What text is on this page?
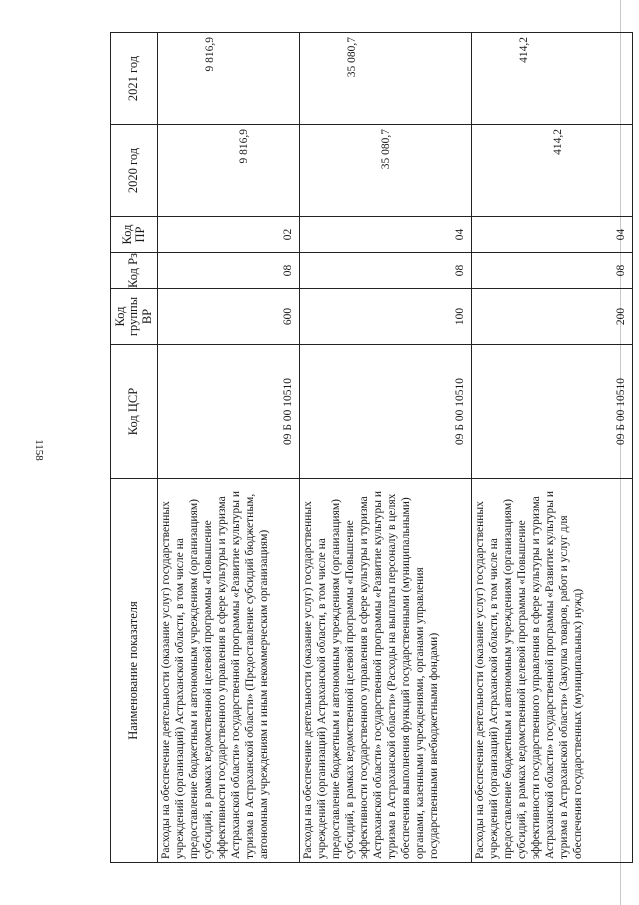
1158
Наименование показателя	Код ЦСР	Код группы ВР	Код Рз	Код ПР	2020 год	2021 год
Расходы на обеспечение деятельности (оказание услуг) государственных учреждений (организаций) Астраханской области, в том числе на предоставление бюджетным и автономным учреждениям (организациям) субсидий, в рамках ведомственной целевой программы «Повышение эффективности государственного управления в сфере культуры и туризма Астраханской области» государственной программы «Развитие культуры и туризма в Астраханской области» (Предоставление субсидий бюджетным, автономным учреждениям и иным некоммерческим организациям)	09 Б 00 10510	600	08	02	9 816,9	9 816,9
Расходы на обеспечение деятельности (оказание услуг) государственных учреждений (организаций) Астраханской области, в том числе на предоставление бюджетным и автономным учреждениям (организациям) субсидий, в рамках ведомственной целевой программы «Повышение эффективности государственного управления в сфере культуры и туризма Астраханской области» государственной программы «Развитие культуры и туризма в Астраханской области» (Расходы на выплаты персоналу в целях обеспечения выполнения функций государственными (муниципальными) органами, казенными учреждениями, органами управления государственными внебюджетными фондами)	09 Б 00 10510	100	08	04	35 080,7	35 080,7
Расходы на обеспечение деятельности (оказание услуг) государственных учреждений (организаций) Астраханской области, в том числе на предоставление бюджетным и автономным учреждениям (организациям) субсидий, в рамках ведомственной целевой программы «Повышение эффективности государственного управления в сфере культуры и туризма Астраханской области» государственной программы «Развитие культуры и туризма в Астраханской области» (Закупка товаров, работ и услуг для обеспечения государственных (муниципальных) нужд)	09 Б 00 10510	200	08	04	414,2	414,2
